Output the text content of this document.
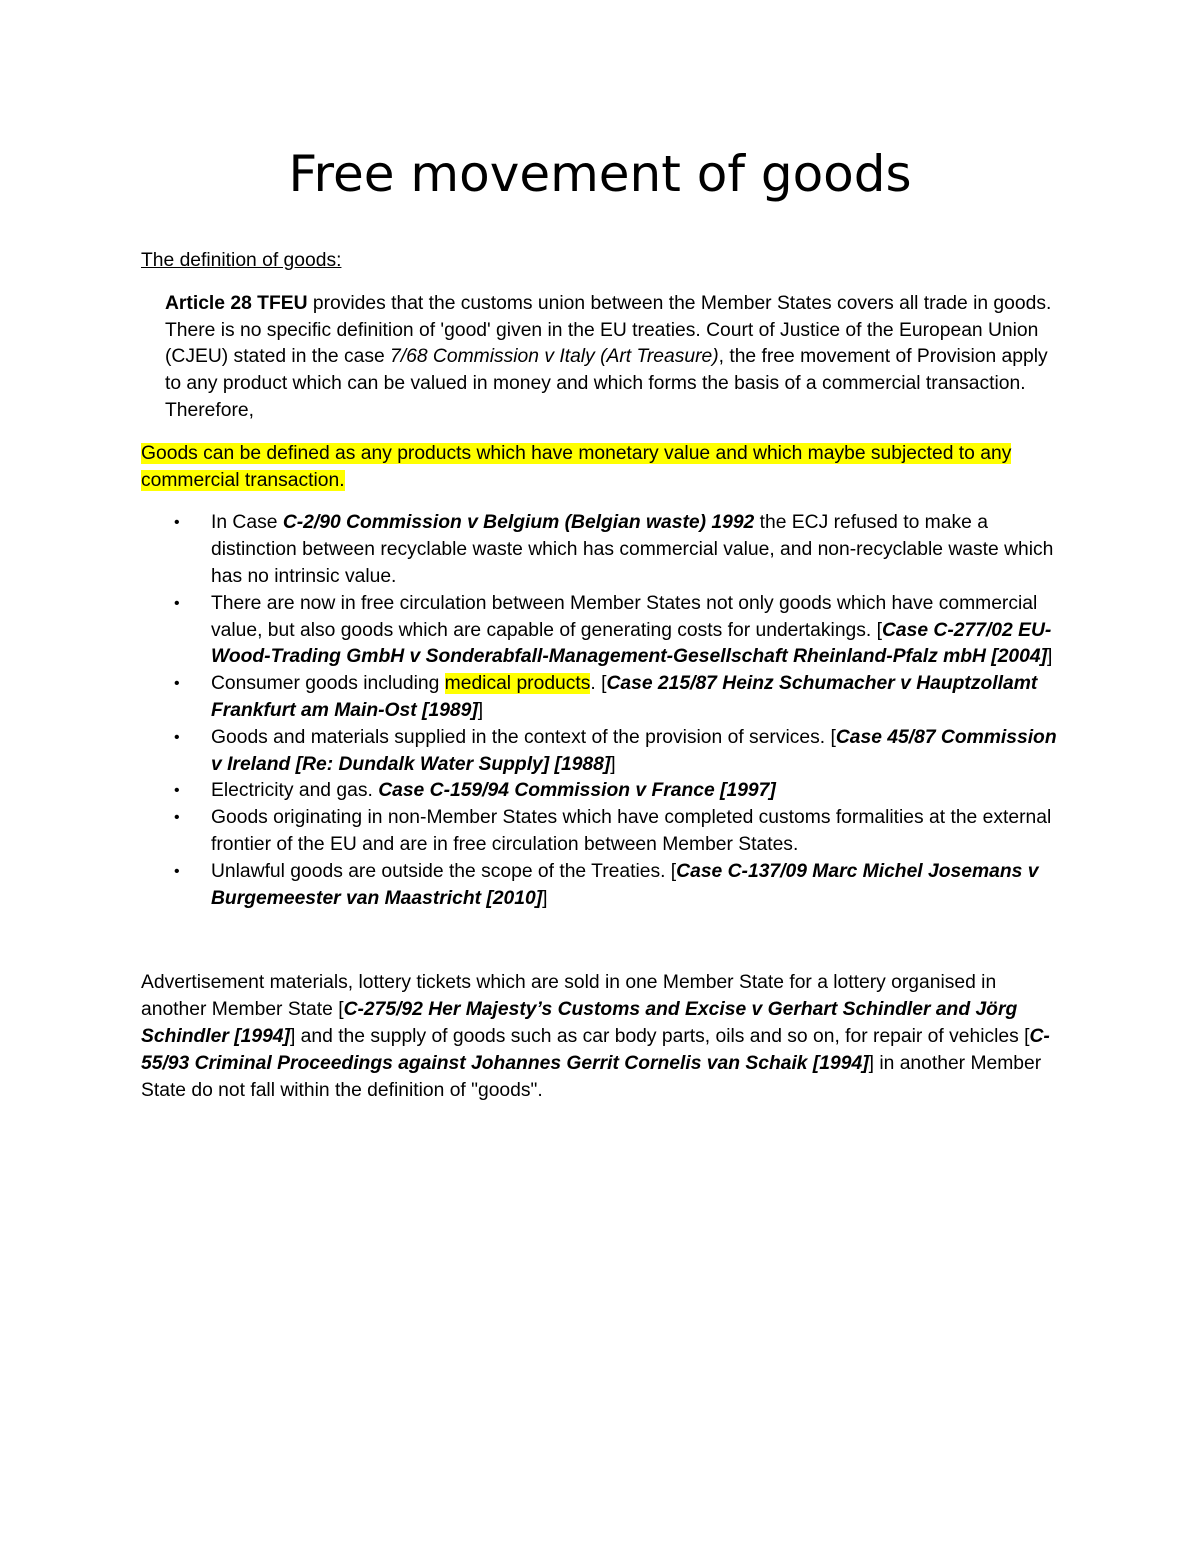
Free movement of goods

The definition of goods:

Article 28 TFEU provides that the customs union between the Member States covers all trade in goods. There is no specific definition of 'good' given in the EU treaties. Court of Justice of the European Union (CJEU) stated in the case 7/68 Commission v Italy (Art Treasure), the free movement of Provision apply to any product which can be valued in money and which forms the basis of a commercial transaction. Therefore,

Goods can be defined as any products which have monetary value and which maybe subjected to any commercial transaction.

• In Case C-2/90 Commission v Belgium (Belgian waste) 1992 the ECJ refused to make a distinction between recyclable waste which has commercial value, and non-recyclable waste which has no intrinsic value.
• There are now in free circulation between Member States not only goods which have commercial value, but also goods which are capable of generating costs for undertakings. [Case C-277/02 EU-Wood-Trading GmbH v Sonderabfall-Management-Gesellschaft Rheinland-Pfalz mbH [2004]]
• Consumer goods including medical products. [Case 215/87 Heinz Schumacher v Hauptzollamt Frankfurt am Main-Ost [1989]]
• Goods and materials supplied in the context of the provision of services. [Case 45/87 Commission v Ireland [Re: Dundalk Water Supply] [1988]]
• Electricity and gas. Case C-159/94 Commission v France [1997]
• Goods originating in non-Member States which have completed customs formalities at the external frontier of the EU and are in free circulation between Member States.
• Unlawful goods are outside the scope of the Treaties. [Case C-137/09 Marc Michel Josemans v Burgemeester van Maastricht [2010]]

Advertisement materials, lottery tickets which are sold in one Member State for a lottery organised in another Member State [C-275/92 Her Majesty’s Customs and Excise v Gerhart Schindler and Jörg Schindler [1994]] and the supply of goods such as car body parts, oils and so on, for repair of vehicles [C-55/93 Criminal Proceedings against Johannes Gerrit Cornelis van Schaik [1994]] in another Member State do not fall within the definition of "goods".
